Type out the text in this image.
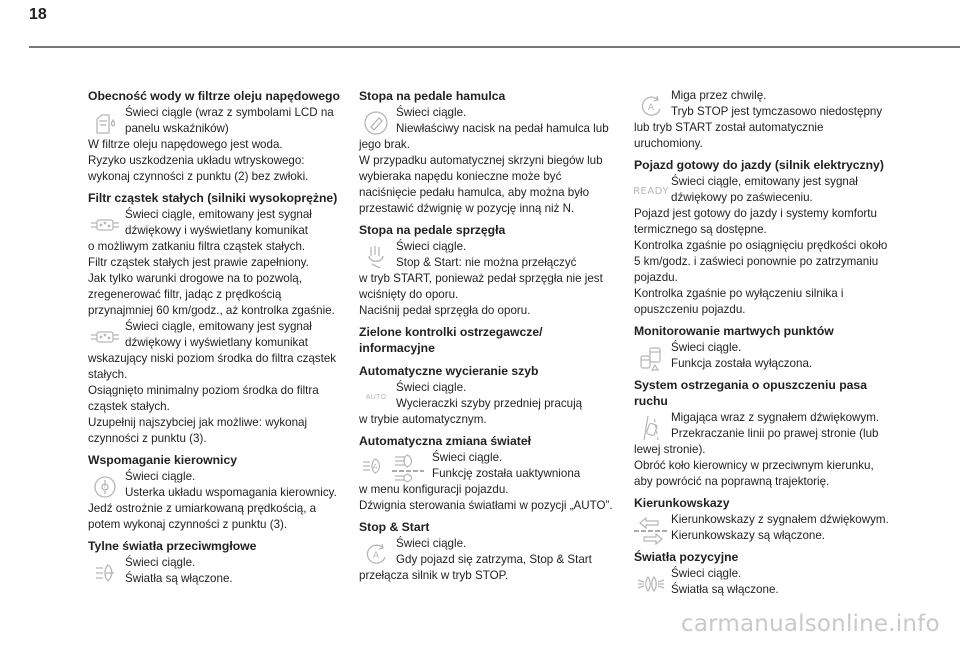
18
Obecność wody w filtrze oleju napędowego

Świeci ciągle (wraz z symbolami LCD na panelu wskaźników)

W filtrze oleju napędowego jest woda.

Ryzyko uszkodzenia układu wtryskowego: wykonaj czynności z punktu (2) bez zwłoki.

Filtr cząstek stałych (silniki wysokoprężne)

Świeci ciągle, emitowany jest sygnał dźwiękowy i wyświetlany komunikat

o możliwym zatkaniu filtra cząstek stałych.

Filtr cząstek stałych jest prawie zapełniony.

Jak tylko warunki drogowe na to pozwolą, zregenerować filtr, jadąc z prędkością przynajmniej 60 km/godz., aż kontrolka zgaśnie.

Świeci ciągle, emitowany jest sygnał dźwiękowy i wyświetlany komunikat

wskazujący niski poziom środka do filtra cząstek stałych.

Osiągnięto minimalny poziom środka do filtra cząstek stałych.

Uzupełnij najszybciej jak możliwe: wykonaj czynności z punktu (3).

Wspomaganie kierownicy
!

Świeci ciągle.

Usterka układu wspomagania kierownicy.

Jedź ostrożnie z umiarkowaną prędkością, a potem wykonaj czynności z punktu (3).

Tylne światła przeciwmgłowe

Świeci ciągle.

Światła są włączone.

Stopa na pedale hamulca

Świeci ciągle.

Niewłaściwy nacisk na pedał hamulca lub

jego brak.

W przypadku automatycznej skrzyni biegów lub wybieraka napędu konieczne może być naciśnięcie pedału hamulca, aby można było przestawić dźwignię w pozycję inną niż N.

Stopa na pedale sprzęgła

Świeci ciągle.

Stop & Start: nie można przełączyć

w tryb START, ponieważ pedał sprzęgła nie jest wciśnięty do oporu.

Naciśnij pedał sprzęgła do oporu.

Zielone kontrolki ostrzegawcze/ informacyjne
Automatyczne wycieranie szyb
AUTO

Świeci ciągle.

Wycieraczki szyby przedniej pracują

w trybie automatycznym.

Automatyczna zmiana świateł
A

Świeci ciągle.

Funkcję została uaktywniona

w menu konfiguracji pojazdu.

Dźwignia sterowania światłami w pozycji „AUTO”.

Stop & Start
A

Świeci ciągle.

Gdy pojazd się zatrzyma, Stop & Start

przełącza silnik w tryb STOP.

A

Miga przez chwilę.

Tryb STOP jest tymczasowo niedostępny

lub tryb START został automatycznie uruchomiony.

Pojazd gotowy do jazdy (silnik elektryczny)
READY

Świeci ciągle, emitowany jest sygnał dźwiękowy po zaświeceniu.

Pojazd jest gotowy do jazdy i systemy komfortu termicznego są dostępne.

Kontrolka zgaśnie po osiągnięciu prędkości około 5 km/godz. i zaświeci ponownie po zatrzymaniu pojazdu.

Kontrolka zgaśnie po wyłączeniu silnika i opuszczeniu pojazdu.

Monitorowanie martwych punktów

Świeci ciągle.

Funkcja została wyłączona.

System ostrzegania o opuszczeniu pasa ruchu

Migająca wraz z sygnałem dźwiękowym.

Przekraczanie linii po prawej stronie (lub

lewej stronie).

Obróć koło kierownicy w przeciwnym kierunku, aby powrócić na poprawną trajektorię.

Kierunkowskazy

Kierunkowskazy z sygnałem dźwiękowym.

Kierunkowskazy są włączone.

Światła pozycyjne

Świeci ciągle.

Światła są włączone.

carmanualsonline.info
